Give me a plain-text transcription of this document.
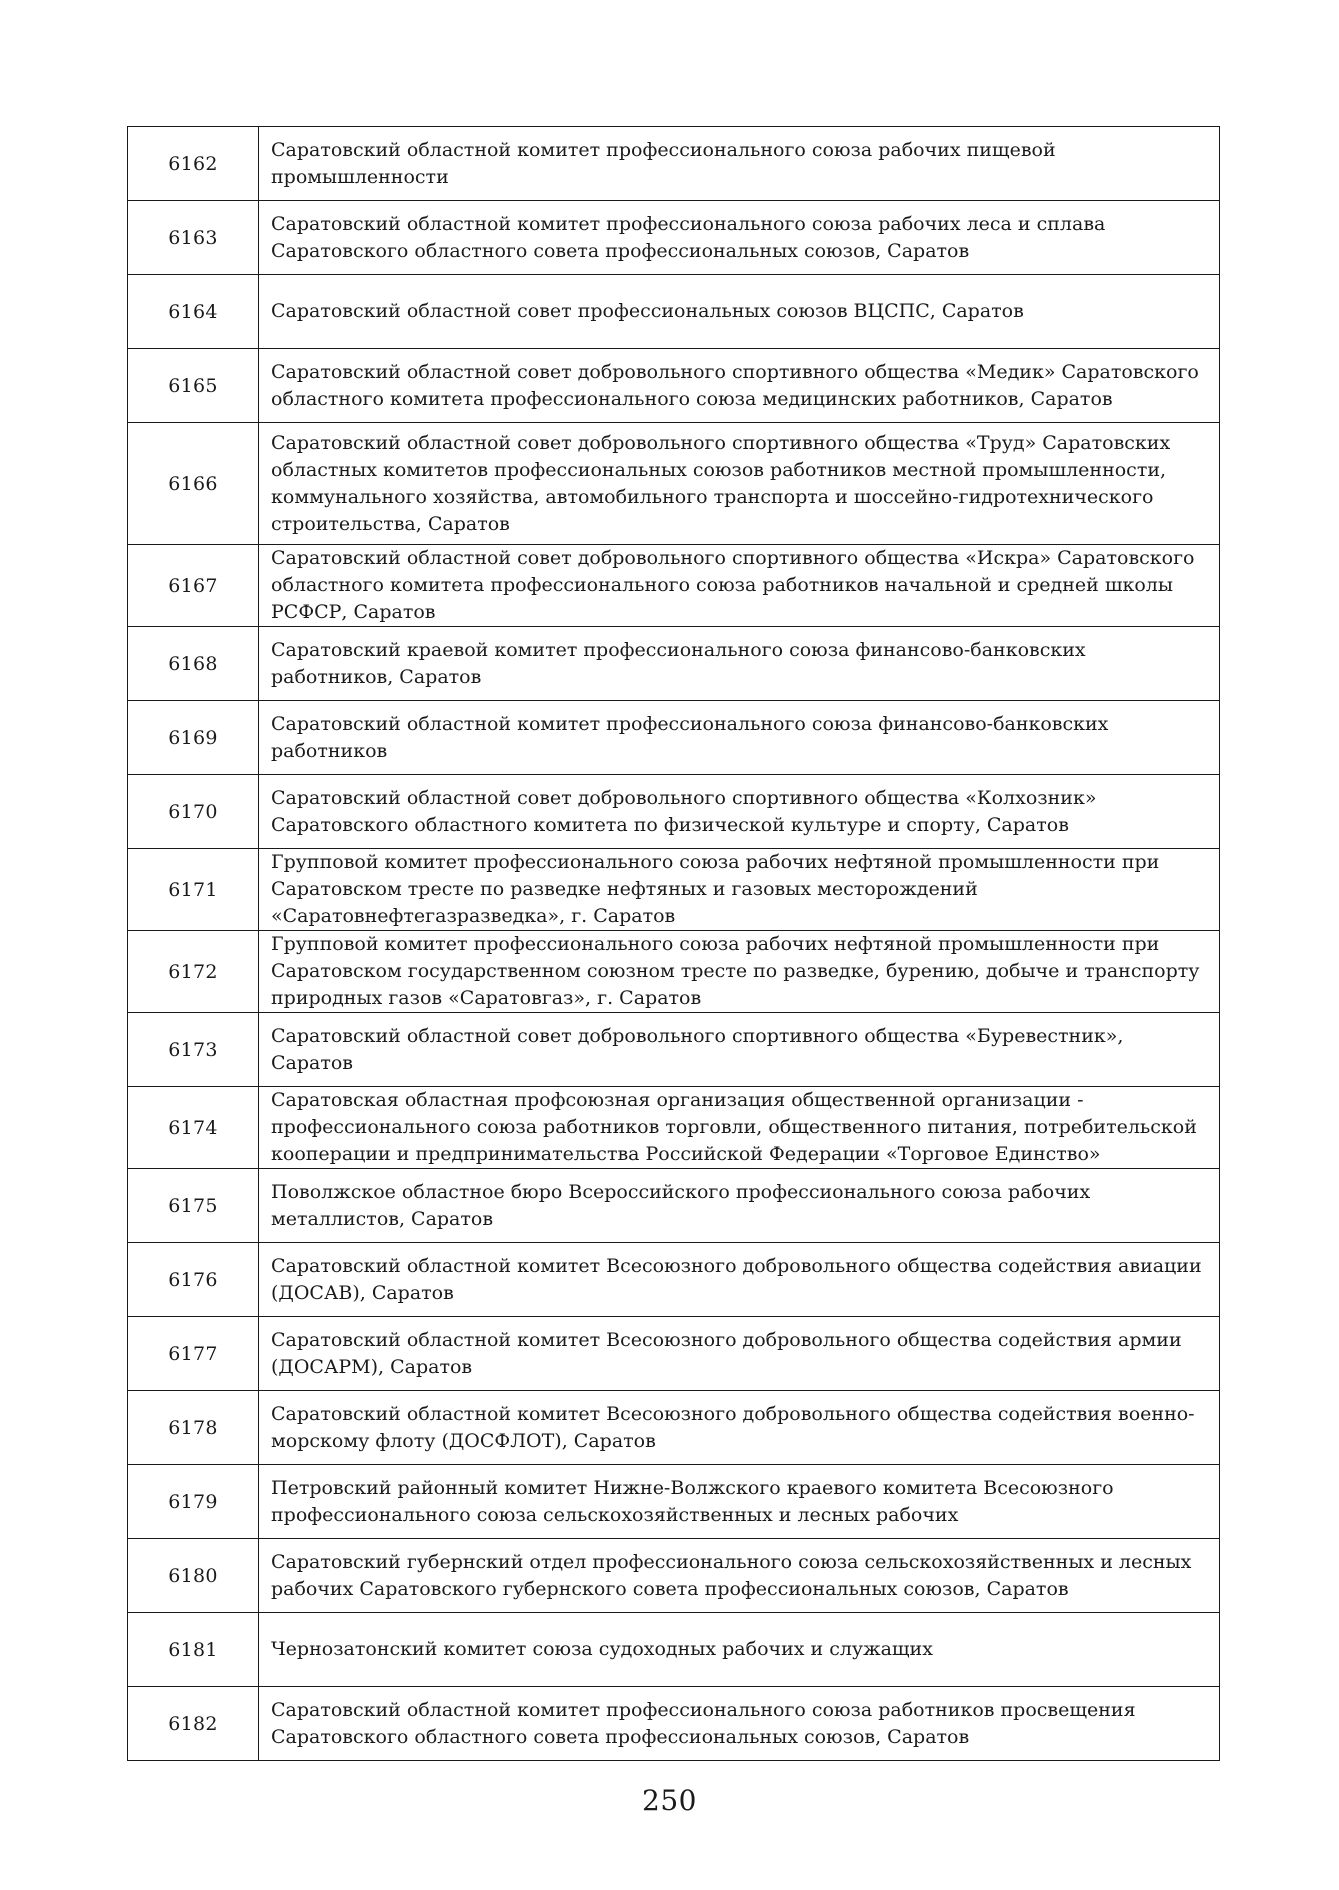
6162	Саратовский областной комитет профессионального союза рабочих пищевой промышленности
6163	Саратовский областной комитет профессионального союза рабочих леса и сплава Саратовского областного совета профессиональных союзов, Саратов
6164	Саратовский областной совет профессиональных союзов ВЦСПС, Саратов
6165	Саратовский областной совет добровольного спортивного общества «Медик» Саратовского областного комитета профессионального союза медицинских работников, Саратов
6166	Саратовский областной совет добровольного спортивного общества «Труд» Саратовских областных комитетов профессиональных союзов работников местной промышленности, коммунального хозяйства, автомобильного транспорта и шоссейно-гидротехнического строительства, Саратов
6167	Саратовский областной совет добровольного спортивного общества «Искра» Саратовского областного комитета профессионального союза работников начальной и средней школы РСФСР, Саратов
6168	Саратовский краевой комитет профессионального союза финансово-банковских работников, Саратов
6169	Саратовский областной комитет профессионального союза финансово-банковских работников
6170	Саратовский областной совет добровольного спортивного общества «Колхозник» Саратовского областного комитета по физической культуре и спорту, Саратов
6171	Групповой комитет профессионального союза рабочих нефтяной промышленности при Саратовском тресте по разведке нефтяных и газовых месторождений «Саратовнефтегазразведка», г. Саратов
6172	Групповой комитет профессионального союза рабочих нефтяной промышленности при Саратовском государственном союзном тресте по разведке, бурению, добыче и транспорту природных газов «Саратовгаз», г. Саратов
6173	Саратовский областной совет добровольного спортивного общества «Буревестник», Саратов
6174	Саратовская областная профсоюзная организация общественной организации - профессионального союза работников торговли, общественного питания, потребительской кооперации и предпринимательства Российской Федерации «Торговое Единство»
6175	Поволжское областное бюро Всероссийского профессионального союза рабочих металлистов, Саратов
6176	Саратовский областной комитет Всесоюзного добровольного общества содействия авиации (ДОСАВ), Саратов
6177	Саратовский областной комитет Всесоюзного добровольного общества содействия армии (ДОСАРМ), Саратов
6178	Саратовский областной комитет Всесоюзного добровольного общества содействия военно-морскому флоту (ДОСФЛОТ), Саратов
6179	Петровский районный комитет Нижне-Волжского краевого комитета Всесоюзного профессионального союза сельскохозяйственных и лесных рабочих
6180	Саратовский губернский отдел профессионального союза сельскохозяйственных и лесных рабочих Саратовского губернского совета профессиональных союзов, Саратов
6181	Чернозатонский комитет союза судоходных рабочих и служащих
6182	Саратовский областной комитет профессионального союза работников просвещения Саратовского областного совета профессиональных союзов, Саратов
250
